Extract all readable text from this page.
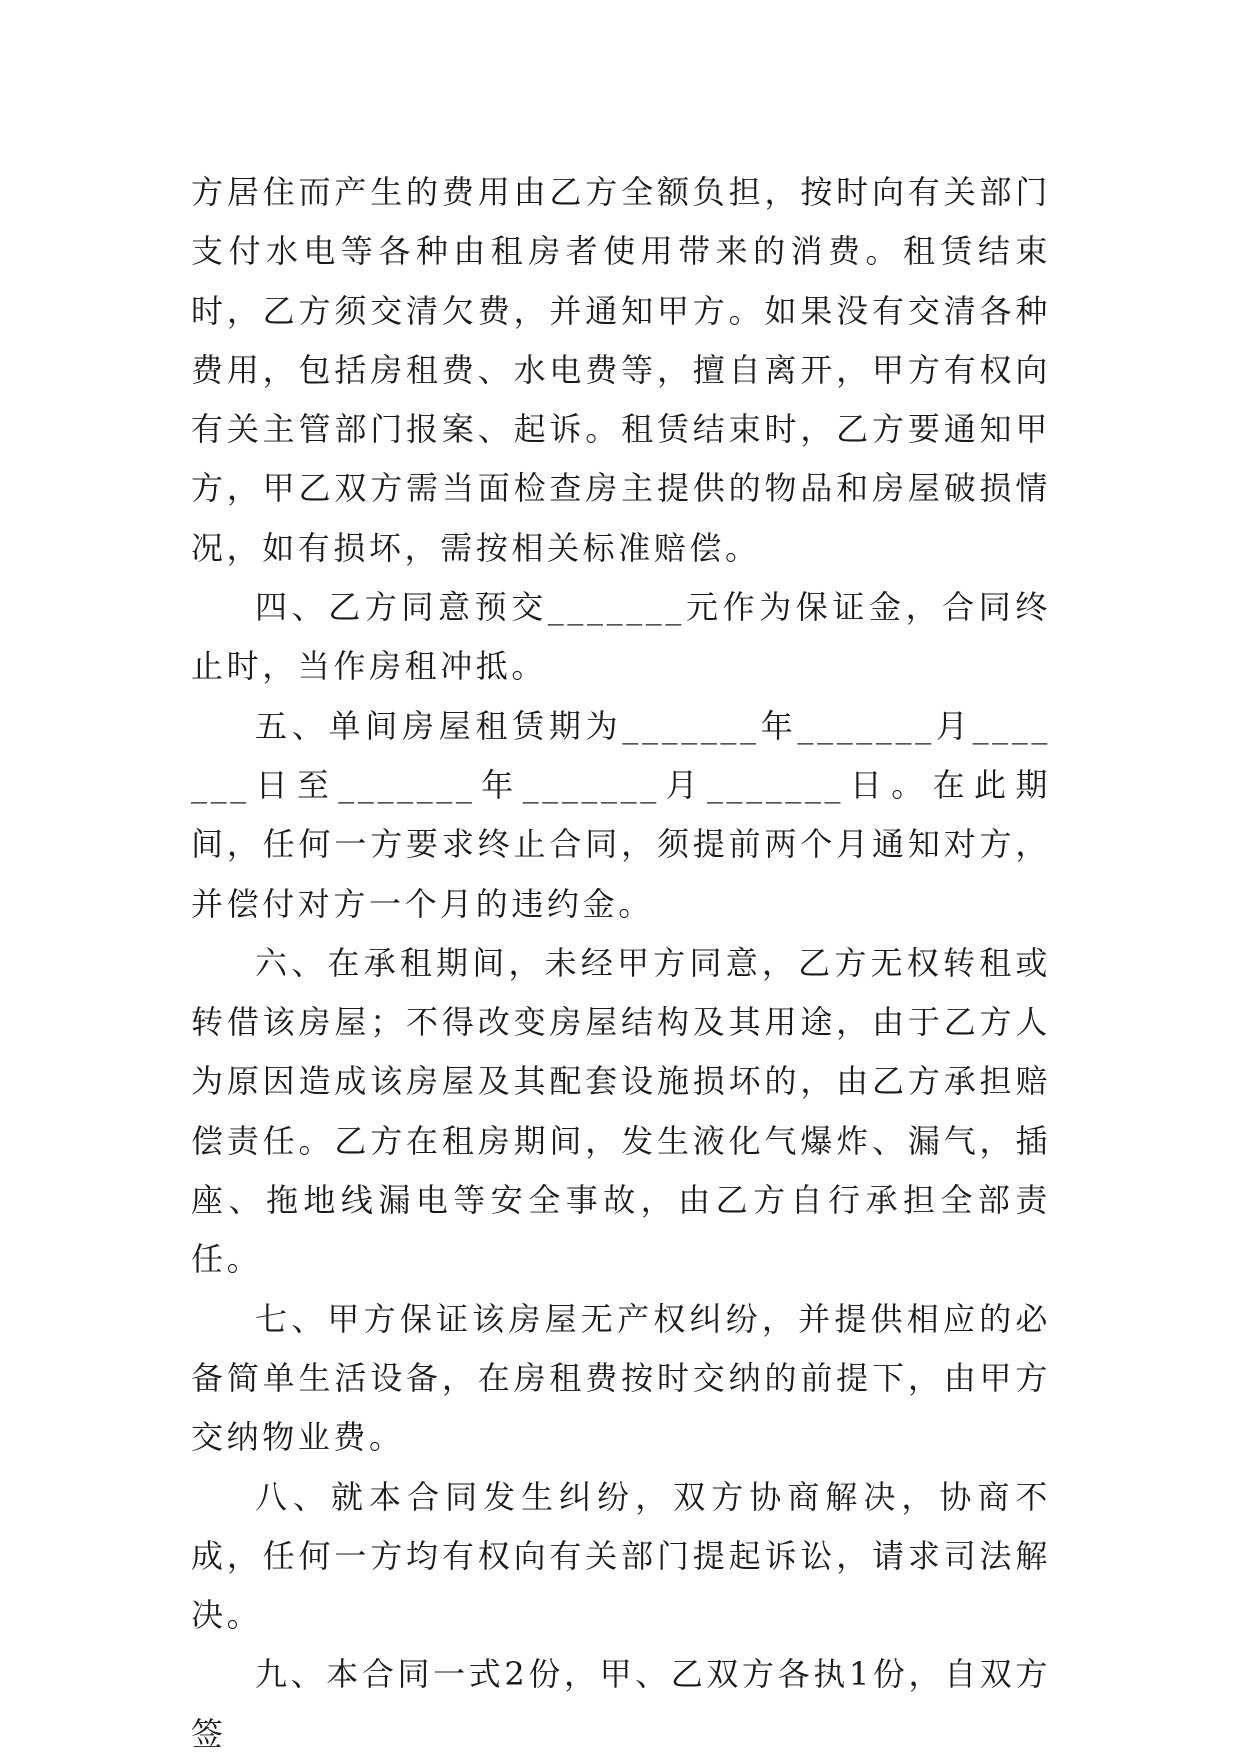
方居住而产生的费用由乙方全额负担，按时向有关部门支付水电等各种由租房者使用带来的消费。租赁结束时，乙方须交清欠费，并通知甲方。如果没有交清各种费用，包括房租费、水电费等，擅自离开，甲方有权向有关主管部门报案、起诉。租赁结束时，乙方要通知甲方，甲乙双方需当面检查房主提供的物品和房屋破损情况，如有损坏，需按相关标准赔偿。

四、乙方同意预交_______元作为保证金，合同终止时，当作房租冲抵。

五、单间房屋租赁期为_______年_______月_______日至_______年_______月_______日。在此期间，任何一方要求终止合同，须提前两个月通知对方，并偿付对方一个月的违约金。

六、在承租期间，未经甲方同意，乙方无权转租或转借该房屋；不得改变房屋结构及其用途，由于乙方人为原因造成该房屋及其配套设施损坏的，由乙方承担赔偿责任。乙方在租房期间，发生液化气爆炸、漏气，插座、拖地线漏电等安全事故，由乙方自行承担全部责任。

七、甲方保证该房屋无产权纠纷，并提供相应的必备简单生活设备，在房租费按时交纳的前提下，由甲方交纳物业费。

八、就本合同发生纠纷，双方协商解决，协商不成，任何一方均有权向有关部门提起诉讼，请求司法解决。

九、本合同一式2份，甲、乙双方各执1份，自双方签
